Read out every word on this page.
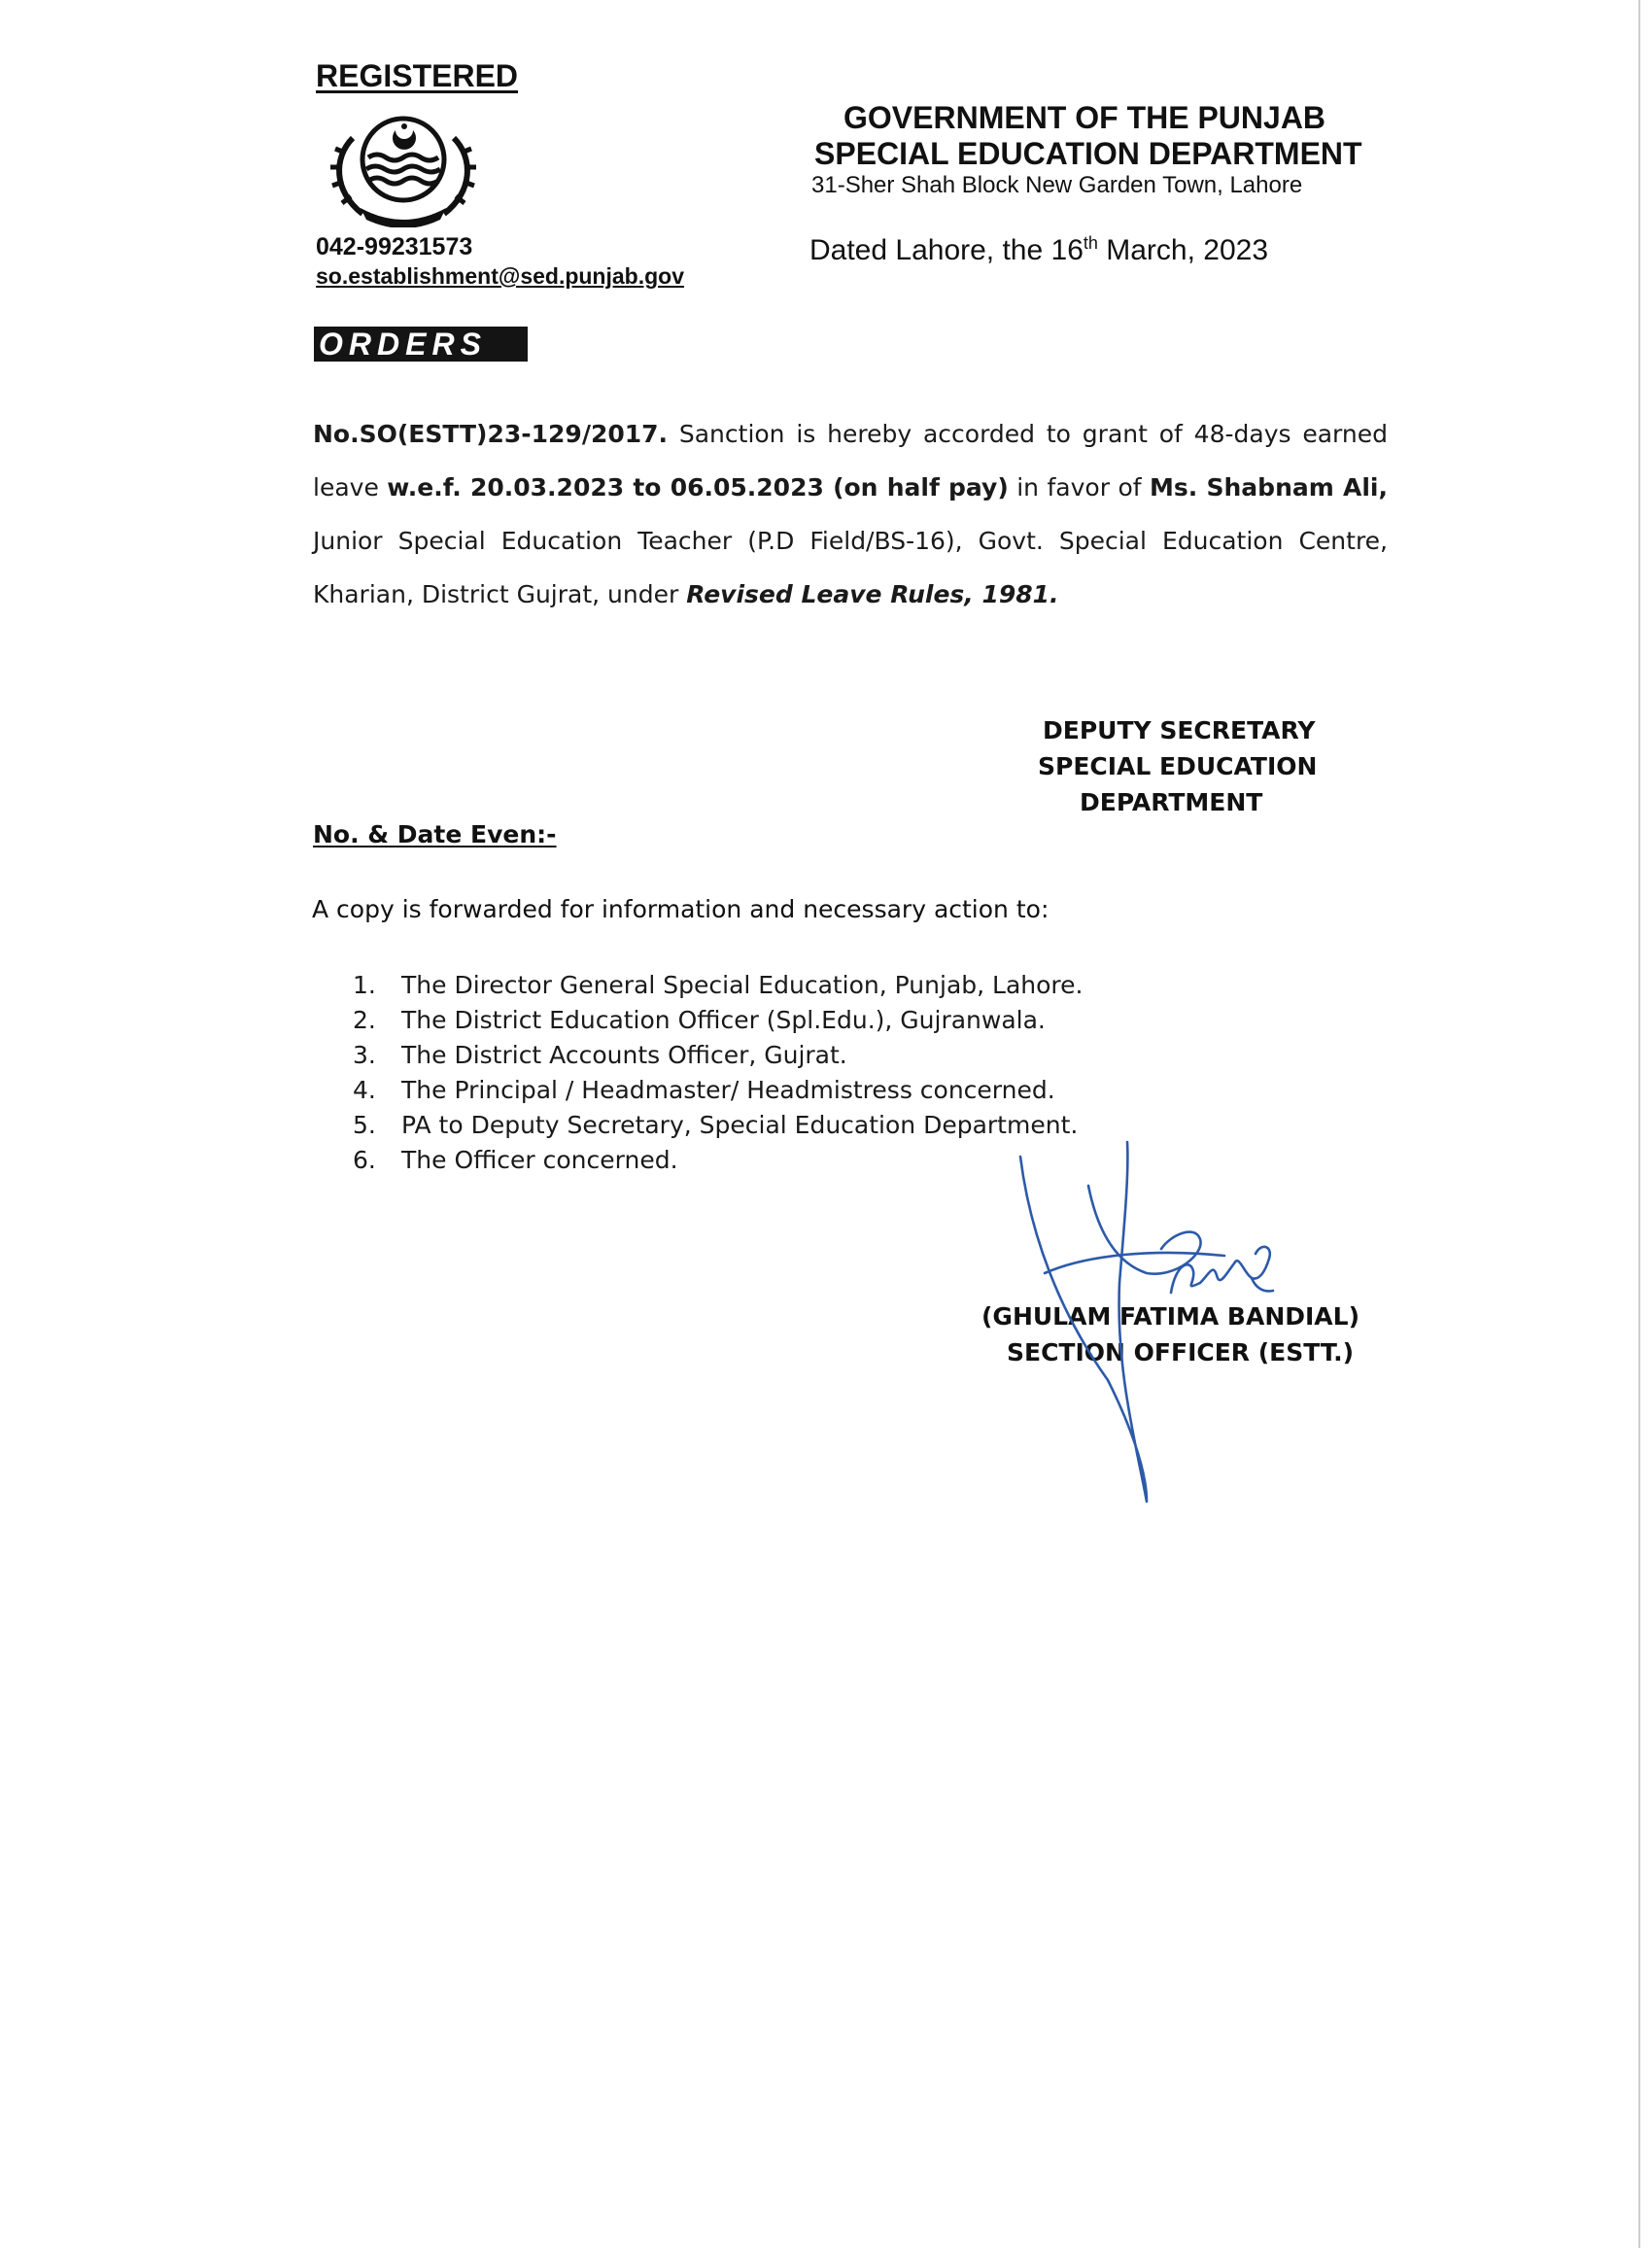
REGISTERED
042-99231573
so.establishment@sed.punjab.gov
GOVERNMENT OF THE PUNJAB
SPECIAL EDUCATION DEPARTMENT
31-Sher Shah Block New Garden Town, Lahore
Dated Lahore, the 16th March, 2023
ORDERS
No.SO(ESTT)23-129/2017. Sanction is hereby accorded to grant of 48-days earned leave w.e.f. 20.03.2023 to 06.05.2023 (on half pay) in favor of Ms. Shabnam Ali, Junior Special Education Teacher (P.D Field/BS-16), Govt. Special Education Centre, Kharian, District Gujrat, under Revised Leave Rules, 1981.
DEPUTY SECRETARY
SPECIAL EDUCATION
DEPARTMENT
No. & Date Even:-
A copy is forwarded for information and necessary action to:
1. The Director General Special Education, Punjab, Lahore.
2. The District Education Officer (Spl.Edu.), Gujranwala.
3. The District Accounts Officer, Gujrat.
4. The Principal / Headmaster/ Headmistress concerned.
5. PA to Deputy Secretary, Special Education Department.
6. The Officer concerned.
(GHULAM FATIMA BANDIAL)
SECTION OFFICER (ESTT.)
